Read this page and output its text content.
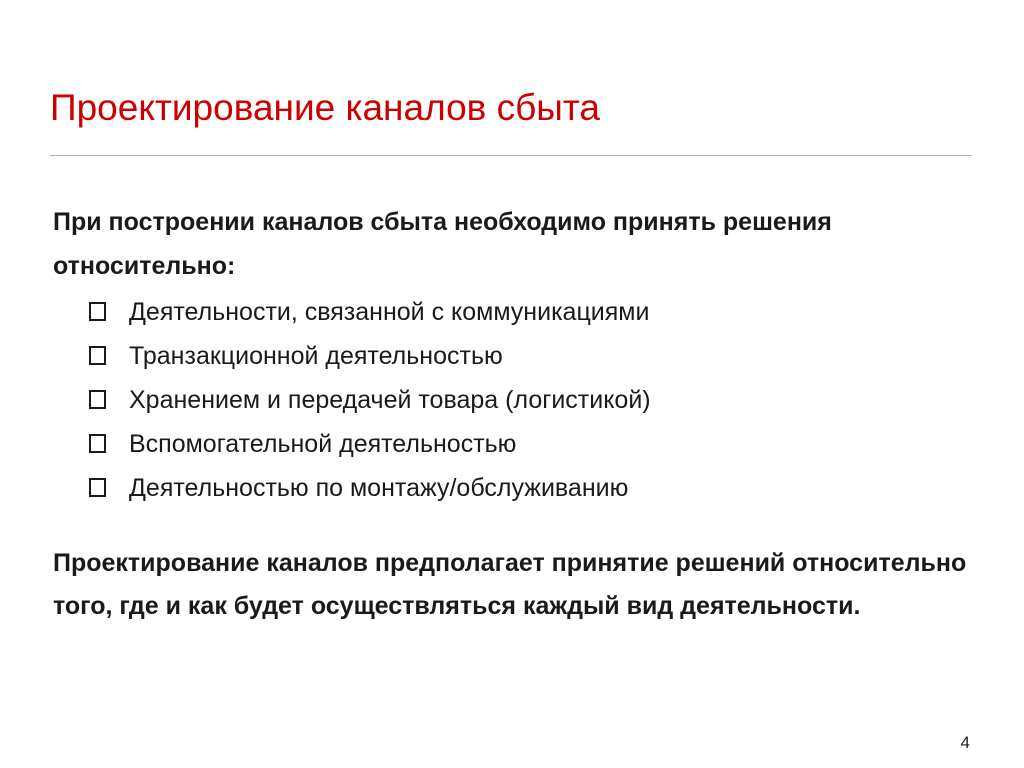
Проектирование каналов сбыта

При построении каналов сбыта необходимо принять решения относительно:

Деятельности, связанной с коммуникациями
Транзакционной деятельностью
Хранением и передачей товара (логистикой)
Вспомогательной деятельностью
Деятельностью по монтажу/обслуживанию

Проектирование каналов предполагает принятие решений относительно того, где и как будет осуществляться каждый вид деятельности.

4
